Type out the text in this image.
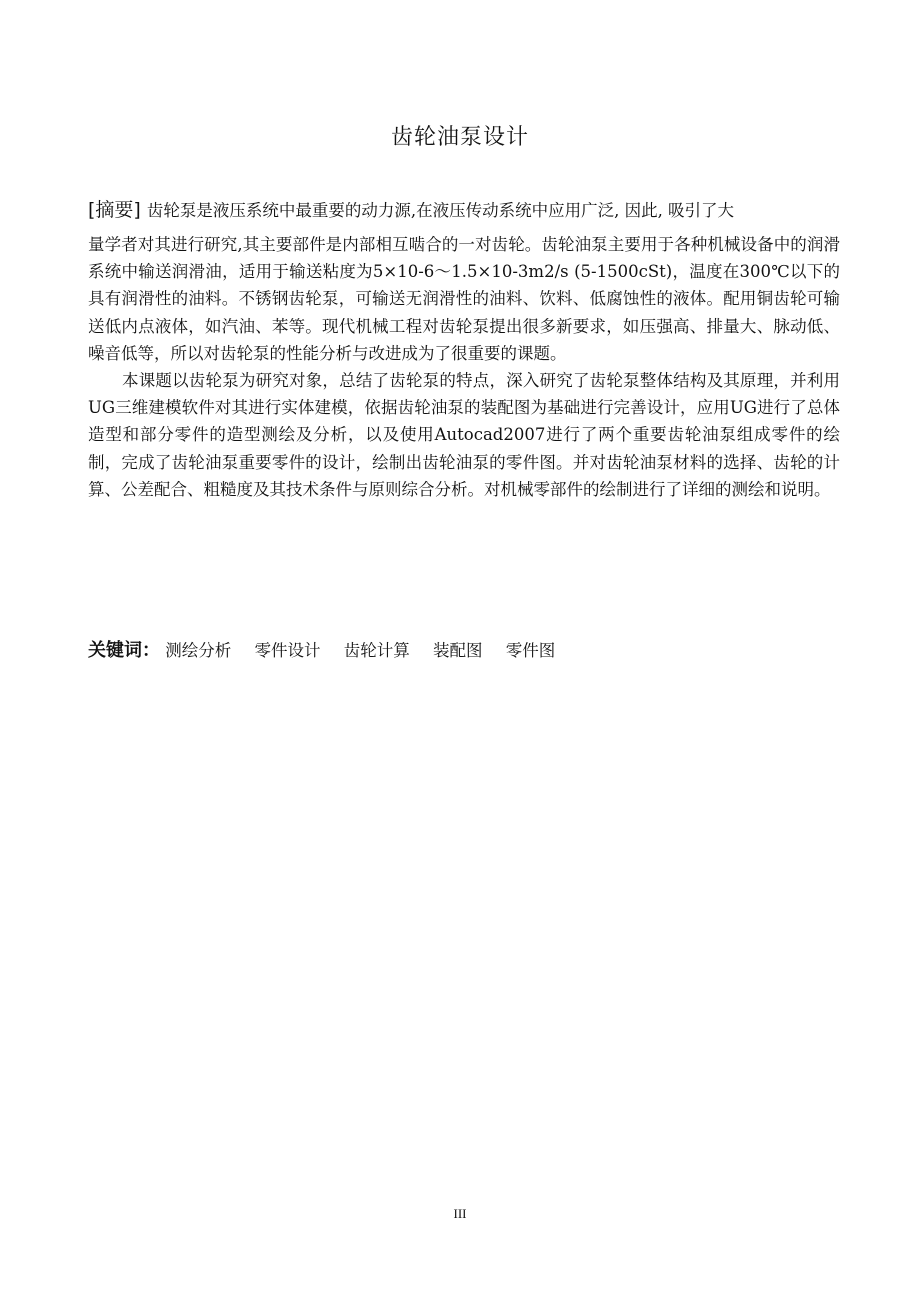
齿轮油泵设计

[摘要] 齿轮泵是液压系统中最重要的动力源,在液压传动系统中应用广泛, 因此, 吸引了大
量学者对其进行研究,其主要部件是内部相互啮合的一对齿轮。齿轮油泵主要用于各种机械设备中的润滑系统中输送润滑油，适用于输送粘度为5×10-6～1.5×10-3m2/s (5-1500cSt)，温度在300℃以下的具有润滑性的油料。不锈钢齿轮泵，可输送无润滑性的油料、饮料、低腐蚀性的液体。配用铜齿轮可输送低内点液体，如汽油、苯等。现代机械工程对齿轮泵提出很多新要求，如压强高、排量大、脉动低、噪音低等，所以对齿轮泵的性能分析与改进成为了很重要的课题。

本课题以齿轮泵为研究对象，总结了齿轮泵的特点，深入研究了齿轮泵整体结构及其原理，并利用UG三维建模软件对其进行实体建模，依据齿轮油泵的装配图为基础进行完善设计，应用UG进行了总体造型和部分零件的造型测绘及分析，以及使用Autocad2007进行了两个重要齿轮油泵组成零件的绘制，完成了齿轮油泵重要零件的设计，绘制出齿轮油泵的零件图。并对齿轮油泵材料的选择、齿轮的计算、公差配合、粗糙度及其技术条件与原则综合分析。对机械零部件的绘制进行了详细的测绘和说明。

关键词： 测绘分析 零件设计 齿轮计算 装配图 零件图
III
